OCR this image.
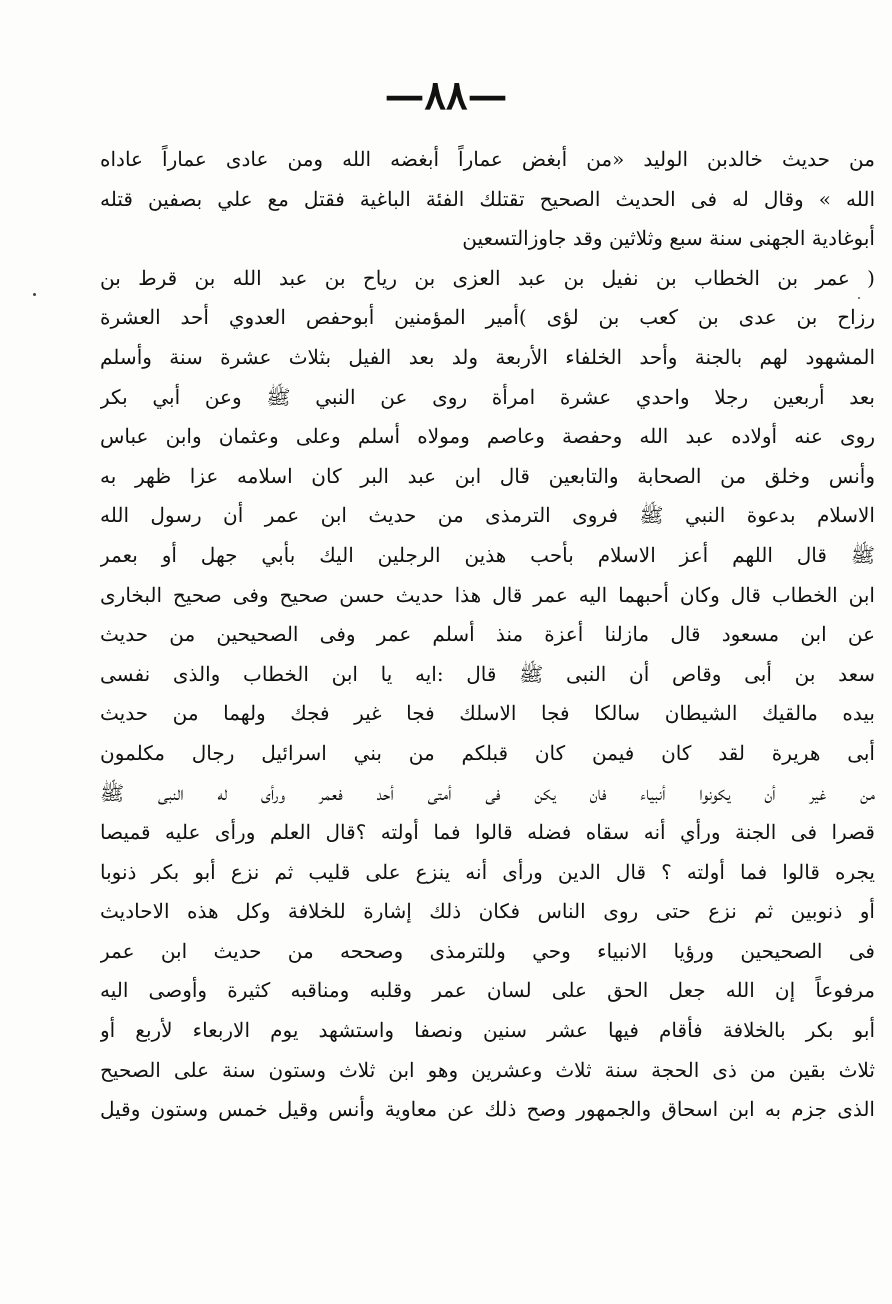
—٨٨—
من حديث خالدبن الوليد «من أبغض عماراً أبغضه الله ومن عادى عماراً عاداه
الله » وقال له فى الحديث الصحيح تقتلك الفئة الباغية فقتل مع علي بصفين قتله
أبوغادية الجهنى سنة سبع وثلاثين وقد جاوزالتسعين
( عمر بن الخطاب بن نفيل بن عبد العزى بن رياح بن عبد الله بن قرط بن
رزاح بن عدى بن كعب بن لؤى )أمير المؤمنين أبوحفص العدوي أحد العشرة
المشهود لهم بالجنة وأحد الخلفاء الأربعة ولد بعد الفيل بثلاث عشرة سنة وأسلم
بعد أربعين رجلا واحدي عشرة امرأة روى عن النبي ﷺ وعن أبي بكر
روى عنه أولاده عبد الله وحفصة وعاصم ومولاه أسلم وعلى وعثمان وابن عباس
وأنس وخلق من الصحابة والتابعين قال ابن عبد البر كان اسلامه عزا ظهر به
الاسلام بدعوة النبي ﷺ فروى الترمذى من حديث ابن عمر أن رسول الله
ﷺ قال اللهم أعز الاسلام بأحب هذين الرجلين اليك بأبي جهل أو بعمر
ابن الخطاب قال وكان أحبهما اليه عمر قال هذا حديث حسن صحيح وفى صحيح البخارى
عن ابن مسعود قال مازلنا أعزة منذ أسلم عمر وفى الصحيحين من حديث
سعد بن أبى وقاص أن النبى ﷺ قال :ايه يا ابن الخطاب والذى نفسى
بيده مالقيك الشيطان سالكا فجا الاسلك فجا غير فجك ولهما من حديث
أبى هريرة لقد كان فيمن كان قبلكم من بني اسرائيل رجال مكلمون
من غير أن يكونوا أنبياء فان يكن فى أمتى أحد فعمر ورأى له النبى ﷺ
قصرا فى الجنة ورأي أنه سقاه فضله قالوا فما أولته ؟قال العلم ورأى عليه قميصا
يجره قالوا فما أولته ؟ قال الدين ورأى أنه ينزع على قليب ثم نزع أبو بكر ذنوبا
أو ذنوبين ثم نزع حتى روى الناس فكان ذلك إشارة للخلافة وكل هذه الاحاديث
فى الصحيحين ورؤيا الانبياء وحي وللترمذى وصححه من حديث ابن عمر
مرفوعاً إن الله جعل الحق على لسان عمر وقلبه ومناقبه كثيرة وأوصى اليه
أبو بكر بالخلافة فأقام فيها عشر سنين ونصفا واستشهد يوم الاربعاء لأربع أو
ثلاث بقين من ذى الحجة سنة ثلاث وعشرين وهو ابن ثلاث وستون سنة على الصحيح
الذى جزم به ابن اسحاق والجمهور وصح ذلك عن معاوية وأنس وقيل خمس وستون وقيل
